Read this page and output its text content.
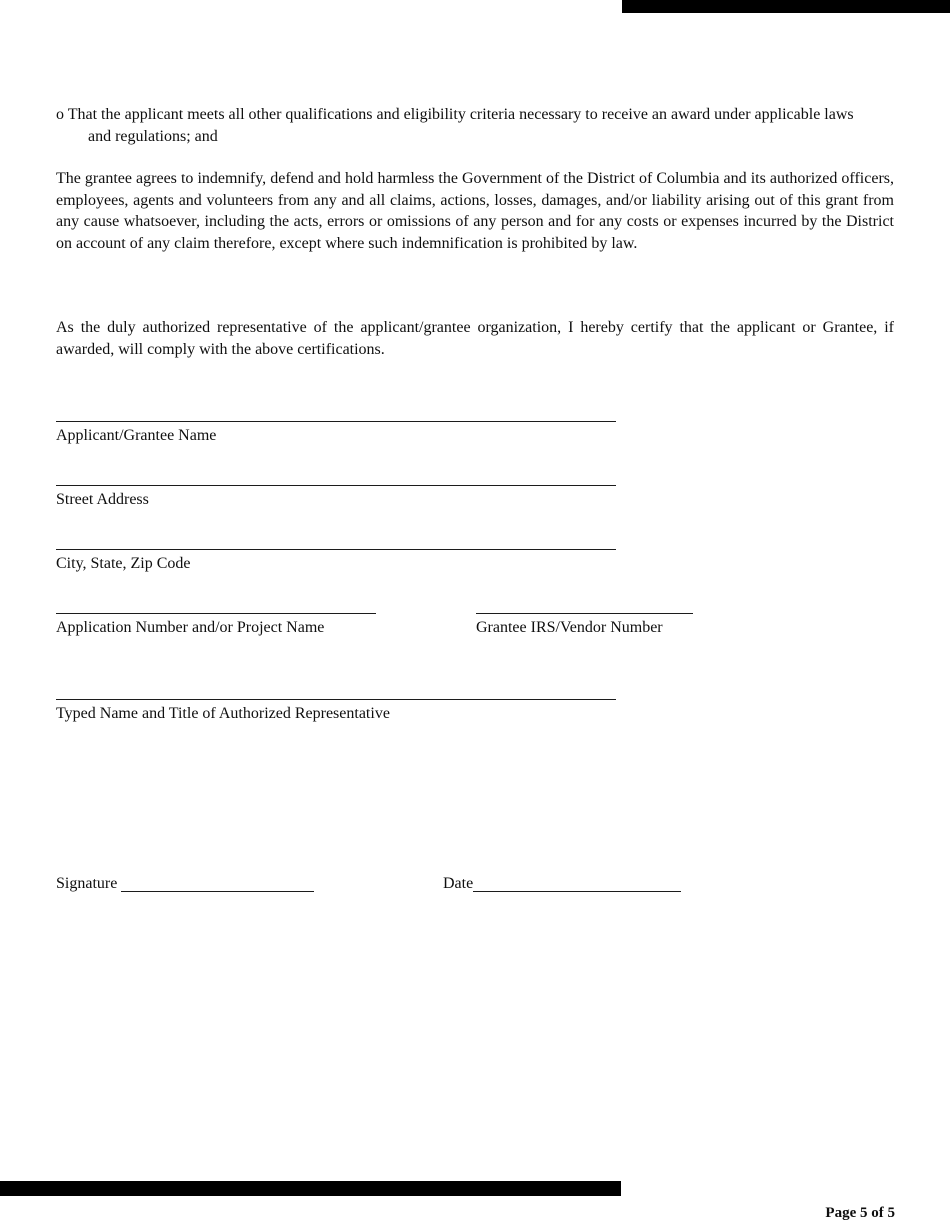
o That the applicant meets all other qualifications and eligibility criteria necessary to receive an award under applicable laws and regulations; and
The grantee agrees to indemnify, defend and hold harmless the Government of the District of Columbia and its authorized officers, employees, agents and volunteers from any and all claims, actions, losses, damages, and/or liability arising out of this grant from any cause whatsoever, including the acts, errors or omissions of any person and for any costs or expenses incurred by the District on account of any claim therefore, except where such indemnification is prohibited by law.
As the duly authorized representative of the applicant/grantee organization, I hereby certify that the applicant or Grantee, if awarded, will comply with the above certifications.
Applicant/Grantee Name
Street Address
City, State, Zip Code
Application Number and/or Project Name	Grantee IRS/Vendor Number
Typed Name and Title of Authorized Representative
Signature	Date
Page 5 of 5
